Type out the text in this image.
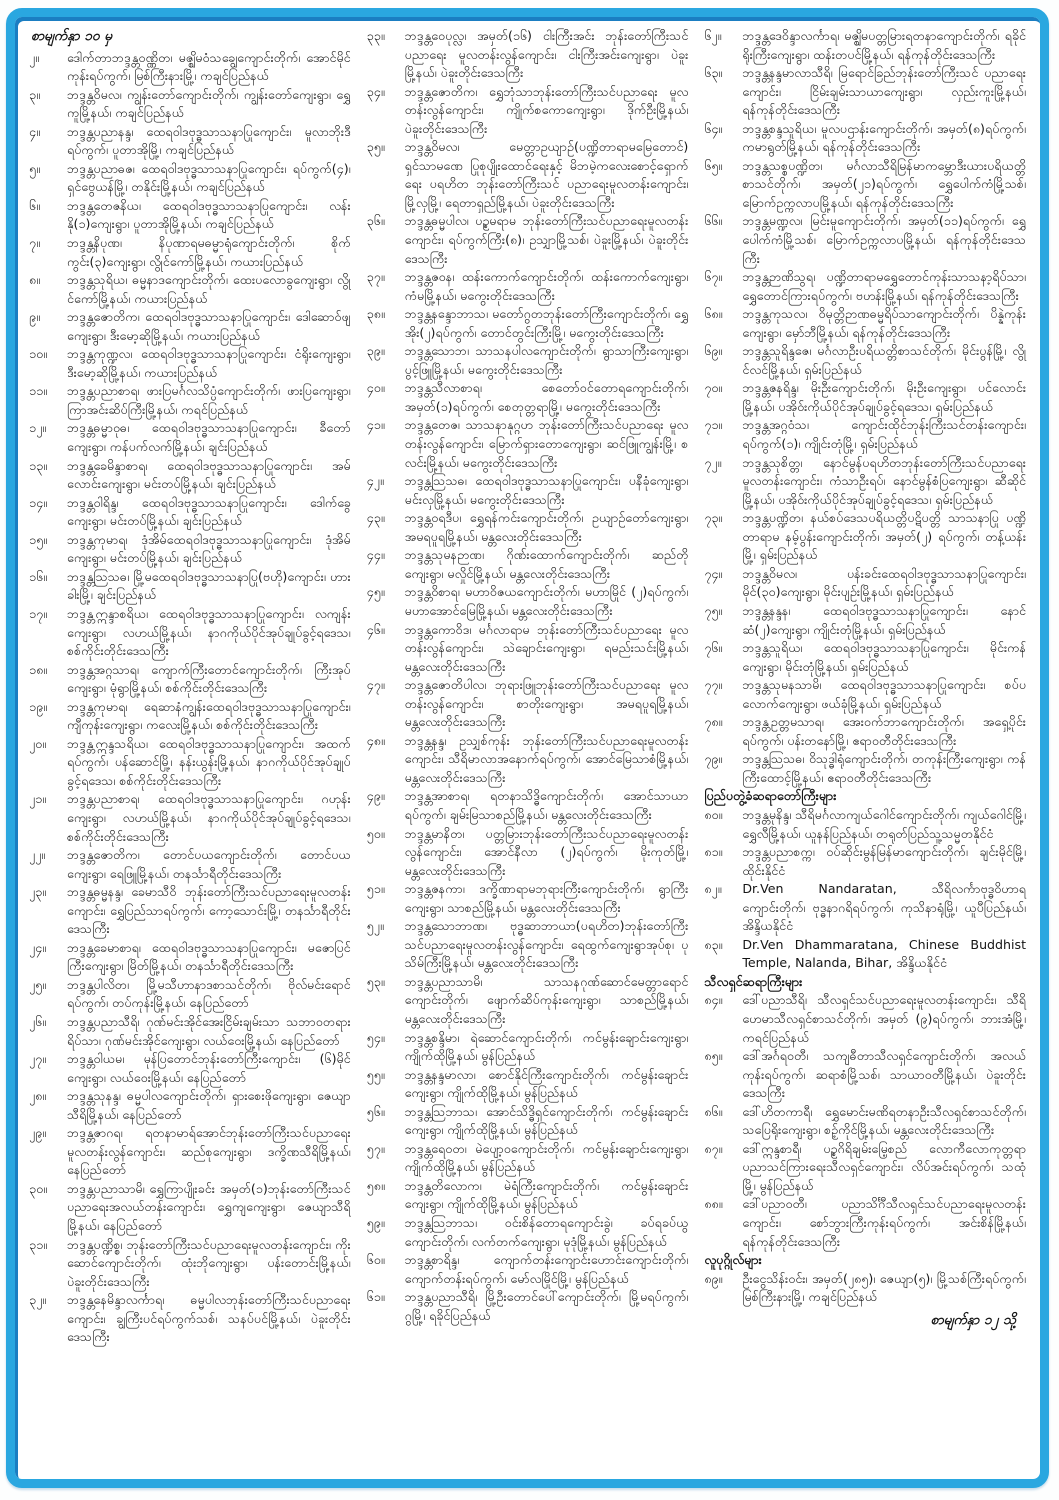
စာမျက်နှာ ၁၀ မှ
၂။	ဒေါက်တာဘဒ္ဒန္တဝဏ္ဏိတ၊ မဇ္ဈိမဝံသချွေကျောင်းတိုက်၊ အောင်မိုင်ကုန်းရပ်ကွက်၊ မြစ်ကြီးနားမြို့၊ ကချင်ပြည်နယ်
၃။	ဘဒ္ဒန္တဝိမလ၊ ကျွန်းတော်ကျောင်းတိုက်၊ ကျွန်းတော်ကျေးရွာ၊ ရွှေကူမြို့နယ်၊ ကချင်ပြည်နယ်
၄။	ဘဒ္ဒန္တပညာနန္ဒ၊ ထေရဝါဒဗုဒ္ဓသာသနာပြုကျောင်း၊ မူလာဘိုးဒီရပ်ကွက်၊ ပူတာအိုမြို့၊ ကချင်ပြည်နယ်
၅။	ဘဒ္ဒန္တပညာဓဇ၊ ထေရဝါဒဗုဒ္ဓသာသနာပြုကျောင်း၊ ရပ်ကွက်(၄)၊ ရှင်ဗွေယန်မြို့၊ တနိုင်းမြို့နယ်၊ ကချင်ပြည်နယ်
၆။	ဘဒ္ဒန္တတေဇနိယ၊ ထေရဝါဒဗုဒ္ဓသာသနာပြုကျောင်း၊ လန်းနို(၁)ကျေးရွာ၊ ပူတာအိုမြို့နယ်၊ ကချင်ပြည်နယ်
၇။	ဘဒ္ဒန္တနိပုဏ၊ နိပုဏာရမဓမ္မာရုံကျောင်းတိုက်၊ စိုက်ကွင်း(၃)ကျေးရွာ၊ လွိုင်ကော်မြို့နယ်၊ ကယားပြည်နယ်
၈။	ဘဒ္ဒန္တသုရိယ၊ ဓမ္မနာဒကျောင်းတိုက်၊ ထေးပလောခွကျေးရွာ၊ လွိုင်ကော်မြို့နယ်၊ ကယားပြည်နယ်
၉။	ဘဒ္ဒန္တဇောတိက၊ ထေရဝါဒဗုဒ္ဓသာသနာပြုကျောင်း၊ ဒေါဆောဝ်ဖျကျေးရွာ၊ ဒီးမော့ဆိုမြို့နယ်၊ ကယားပြည်နယ်
၁၀။	ဘဒ္ဒန္တကုဏ္ဍလ၊ ထေရဝါဒဗုဒ္ဓသာသနာပြုကျောင်း၊ ငံရိုးကျေးရွာ၊ ဒီးမော့ဆိုမြို့နယ်၊ ကယားပြည်နယ်
၁၁။	ဘဒ္ဒန္တပညာစာရ၊ ဖားပြမင်္ဂလသိပ္ပံကျောင်းတိုက်၊ ဖားပြကျေးရွာ၊ ကြာအင်းဆိပ်ကြီးမြို့နယ်၊ ကရင်ပြည်နယ်
၁၂။	ဘဒ္ဒန္တဓမ္မာဝုဓ၊ ထေရဝါဒဗုဒ္ဓသာသနာပြုကျောင်း၊ ခီတော်ကျေးရွာ၊ ကန်ပက်လက်မြို့နယ်၊ ချင်းပြည်နယ်
၁၃။	ဘဒ္ဒန္တခေမိန္ဒာစာရ၊ ထေရဝါဒဗုဒ္ဓသာသနာပြုကျောင်း၊ အမ်လောင်းကျေးရွာ၊ မင်းတပ်မြို့နယ်၊ ချင်းပြည်နယ်
၁၄။	ဘဒ္ဒန္တဝါရိန္ဒ၊ ထေရဝါဒဗုဒ္ဓသာသနာပြုကျောင်း၊ ဒေါက်ခွေကျေးရွာ၊ မင်းတပ်မြို့နယ်၊ ချင်းပြည်နယ်
၁၅။	ဘဒ္ဒန္တကုမာရ၊ ဒုံအိမ်ထေရဝါဒဗုဒ္ဓသာသနာပြုကျောင်း၊ ဒုံအိမ်ကျေးရွာ၊ မင်းတပ်မြို့နယ်၊ ချင်းပြည်နယ်
၁၆။	ဘဒ္ဒန္တဩသဓ၊ မြို့မထေရဝါဒဗုဒ္ဓသာသနာပြု(ဗဟို)ကျောင်း၊ ဟားခါးမြို့၊ ချင်းပြည်နယ်
၁၇။	ဘဒ္ဒန္တဣန္ဒာစရိယ၊ ထေရဝါဒဗုဒ္ဓသာသနာပြုကျောင်း၊ လကျန်းကျေးရွာ၊ လဟယ်မြို့နယ်၊ နာဂကိုယ်ပိုင်အုပ်ချုပ်ခွင့်ရဒေသ၊ စစ်ကိုင်းတိုင်းဒေသကြီး
၁၈။	ဘဒ္ဒန္တအဂ္ဂသာရ၊ ကျောက်ကြီးတောင်ကျောင်းတိုက်၊ ကြီးအုပ်ကျေးရွာ၊ မုံရွာမြို့နယ်၊ စစ်ကိုင်းတိုင်းဒေသကြီး
၁၉။	ဘဒ္ဒန္တကုမာရ၊ ရေဆာနံကျွန်းထေရဝါဒဗုဒ္ဓသာသနာပြုကျောင်း၊ ကျီကုန်းကျေးရွာ၊ ကလေးမြို့နယ်၊ စစ်ကိုင်းတိုင်းဒေသကြီး
၂၀။	ဘဒ္ဒန္တဣန္ဒသရိယ၊ ထေရဝါဒဗုဒ္ဓသာသနာပြုကျောင်း၊ အထက်ရပ်ကွက်၊ ပန်ဆောင်မြို့၊ နန်းယွန်းမြို့နယ်၊ နာဂကိုယ်ပိုင်အုပ်ချုပ်ခွင့်ရဒေသ၊ စစ်ကိုင်းတိုင်းဒေသကြီး
၂၁။	ဘဒ္ဒန္တပညာစာရ၊ ထေရဝါဒဗုဒ္ဓသာသနာပြုကျောင်း၊ ဂဟုန်းကျေးရွာ၊ လဟယ်မြို့နယ်၊ နာဂကိုယ်ပိုင်အုပ်ချုပ်ခွင့်ရဒေသ၊ စစ်ကိုင်းတိုင်းဒေသကြီး
၂၂။	ဘဒ္ဒန္တဇောတိက၊ တောင်ပယကျောင်းတိုက်၊ တောင်ပယကျေးရွာ၊ ရေဖြူမြို့နယ်၊ တနင်္သာရီတိုင်းဒေသကြီး
၂၃။	ဘဒ္ဒန္တဓမ္မနန္ဒ၊ ခေမာသီဝိ ဘုန်းတော်ကြီးသင်ပညာရေးမူလတန်းကျောင်း၊ ရွှေပြည်သာရပ်ကွက်၊ ကော့သောင်းမြို့၊ တနင်္သာရီတိုင်းဒေသကြီး
၂၄။	ဘဒ္ဒန္တခေမာစာရ၊ ထေရဝါဒဗုဒ္ဓသာသနာပြုကျောင်း၊ မဇောပြင်ကြီးကျေးရွာ၊ မြိတ်မြို့နယ်၊ တနင်္သာရီတိုင်းဒေသကြီး
၂၅။	ဘဒ္ဒန္တပါလိတ၊ မြို့မသီဟာနာဒစာသင်တိုက်၊ ဗိုလ်မင်းရောင်ရပ်ကွက်၊ တပ်ကုန်းမြို့နယ်၊ နေပြည်တော်
၂၆။	ဘဒ္ဒန္တပညာသီရိ၊ ဂုဏ်မင်းအိုင်အေးငြိမ်းချမ်းသာ သဘာဝတရားရိပ်သာ၊ ဂုဏ်မင်းအိုင်ကျေးရွာ၊ လယ်ဝေးမြို့နယ်၊ နေပြည်တော်
၂၇။	ဘဒ္ဒန္တဝါယမ၊ မုန်ပြတောင်ဘုန်းတော်ကြီးကျောင်း၊ (၆)မိုင်ကျေးရွာ၊ လယ်ဝေးမြို့နယ်၊ နေပြည်တော်
၂၈။	ဘဒ္ဒန္တသုနန္ဒ၊ ဓမ္မပါလကျောင်းတိုက်၊ ရှားစေးဖိုကျေးရွာ၊ ဇေယျာသီရိမြို့နယ်၊ နေပြည်တော်
၂၉။	ဘဒ္ဒန္တဇာဂရ၊ ရတနာမာရ်အောင်ဘုန်းတော်ကြီးသင်ပညာရေးမူလတန်းလွန်ကျောင်း၊ ဆည်စုကျေးရွာ၊ ဒက္ခိဏသီရိမြို့နယ်၊ နေပြည်တော်
၃၀။	ဘဒ္ဒန္တပညာသာမိ၊ ရွှေကြာပျိုးခင်း အမှတ်(၁)ဘုန်းတော်ကြီးသင်ပညာရေးအလယ်တန်းကျောင်း၊ ရွှေကျကျေးရွာ၊ ဇေယျာသီရိမြို့နယ်၊ နေပြည်တော်
၃၁။	ဘဒ္ဒန္တပဏ္ဍိစ္စ၊ ဘုန်းတော်ကြီးသင်ပညာရေးမူလတန်းကျောင်း၊ ကိုးဆောင်ကျောင်းတိုက်၊ ထုံးဘိုကျေးရွာ၊ ပန်းတောင်းမြို့နယ်၊ ပဲခူးတိုင်းဒေသကြီး
၃၂။	ဘဒ္ဒန္တနေမိန္ဒာလင်္ကာရ၊ ဓမ္မပါလဘုန်းတော်ကြီးသင်ပညာရေးကျောင်း၊ ချွကြီးပင်ရပ်ကွက်သစ်၊ သနပ်ပင်မြို့နယ်၊ ပဲခူးတိုင်းဒေသကြီး
၃၃။	ဘဒ္ဒန္တဝေပုလ္လ၊ အမှတ်(၁၆) ငါးကြီးအင်း ဘုန်းတော်ကြီးသင်ပညာရေး မူလတန်းလွန်ကျောင်း၊ ငါးကြီးအင်းကျေးရွာ၊ ပဲခူးမြို့နယ်၊ ပဲခူးတိုင်းဒေသကြီး
၃၄။	ဘဒ္ဒန္တဇောတိက၊ ရွှေဘုံသာဘုန်းတော်ကြီးသင်ပညာရေး မူလတန်းလွန်ကျောင်း၊ ကျိုက်စကောကျေးရွာ၊ ဒိုက်ဦးမြို့နယ်၊ ပဲခူးတိုင်းဒေသကြီး
၃၅။	ဘဒ္ဒန္တဝိမလ၊ မေတ္တာဥယျာဉ်(ပဏ္ဍိတာရာမမြေတောင်) ရှင်သာမဏေ ပြုစုပျိုးထောင်ရေးနှင့် မိဘမဲ့ကလေးစောင့်ရှောက်ရေး ပရဟိတ ဘုန်းတော်ကြီးသင် ပညာရေးမူလတန်းကျောင်း၊ မြို့လှမြို့၊ ရေတာရှည်မြို့နယ်၊ ပဲခူးတိုင်းဒေသကြီး
၃၆။	ဘဒ္ဒန္တဓမ္မပါလ၊ ပဉ္စမရာမ ဘုန်းတော်ကြီးသင်ပညာရေးမူလတန်းကျောင်း၊ ရပ်ကွက်ကြီး(၈)၊ ဥသျှာမြို့သစ်၊ ပဲခူးမြို့နယ်၊ ပဲခူးတိုင်းဒေသကြီး
၃၇။	ဘဒ္ဒန္တဇဝန၊ ထန်းကောက်ကျောင်းတိုက်၊ ထန်းကောက်ကျေးရွာ၊ ကံမမြို့နယ်၊ မကွေးတိုင်းဒေသကြီး
၃၈။	ဘဒ္ဒန္တနန္ဒောဘာသ၊ မတော်ဂွတဘုန်းတော်ကြီးကျောင်းတိုက်၊ ရွှေအိုး(၂)ရပ်ကွက်၊ တောင်တွင်းကြီးမြို့၊ မကွေးတိုင်းဒေသကြီး
၃၉။	ဘဒ္ဒန္တသောဘ၊ သာသနပါလကျောင်းတိုက်၊ ရွာသာကြီးကျေးရွာ၊ ပွင့်ဖြူမြို့နယ်၊ မကွေးတိုင်းဒေသကြီး
၄၀။	ဘဒ္ဒန္တသီလာစာရ၊ စေတော်ဝင်တောရကျောင်းတိုက်၊ အမှတ်(၁)ရပ်ကွက်၊ စေတုတ္တရာမြို့၊ မကွေးတိုင်းဒေသကြီး
၄၁။	ဘဒ္ဒန္တတေဇ၊ သာသနာနုဂ္ဂဟ ဘုန်းတော်ကြီးသင်ပညာရေး မူလတန်းလွန်ကျောင်း၊ မြောက်ရှားတောကျေးရွာ၊ ဆင်ဖြူကျွန်းမြို့၊ စလင်းမြို့နယ်၊ မကွေးတိုင်းဒေသကြီး
၄၂။	ဘဒ္ဒန္တဩသဓ၊ ထေရဝါဒဗုဒ္ဓသာသနာပြုကျောင်း၊ ပနီခုံကျေးရွာ၊ မင်းလှမြို့နယ်၊ မကွေးတိုင်းဒေသကြီး
၄၃။	ဘဒ္ဒန္တဝရဒီပ၊ ရွှေရန်ကင်းကျောင်းတိုက်၊ ဥယျာဉ်တော်ကျေးရွာ၊ အမရပူရမြို့နယ်၊ မန္တလေးတိုင်းဒေသကြီး
၄၄။	ဘဒ္ဒန္တသုမနဉာဏ၊ ဂိုဏ်းထောက်ကျောင်းတိုက်၊ ဆည်တိုကျေးရွာ၊ မလှိုင်မြို့နယ်၊ မန္တလေးတိုင်းဒေသကြီး
၄၅။	ဘဒ္ဒန္တဝိစာရ၊ မဟာဝိဇယကျောင်းတိုက်၊ မဟာမြိုင် (၂)ရပ်ကွက်၊ မဟာအောင်မြေမြို့နယ်၊ မန္တလေးတိုင်းဒေသကြီး
၄၆။	ဘဒ္ဒန္တကောဝိဒ၊ မင်္ဂလာရာမ ဘုန်းတော်ကြီးသင်ပညာရေး မူလတန်းလွန်ကျောင်း၊ သဲချောင်းကျေးရွာ၊ ရမည်းသင်းမြို့နယ်၊ မန္တလေးတိုင်းဒေသကြီး
၄၇။	ဘဒ္ဒန္တဇောတိပါလ၊ ဘုရားဖြူဘုန်းတော်ကြီးသင်ပညာရေး မူလတန်းလွန်ကျောင်း၊ စာတိုးကျေးရွာ၊ အမရပူရမြို့နယ်၊ မန္တလေးတိုင်းဒေသကြီး
၄၈။	ဘဒ္ဒန္တနန္ဒ၊ ဥသျှစ်ကုန်း ဘုန်းတော်ကြီးသင်ပညာရေးမူလတန်းကျောင်း၊ သီရိမာလာအနောက်ရပ်ကွက်၊ အောင်မြေသာစံမြို့နယ်၊ မန္တလေးတိုင်းဒေသကြီး
၄၉။	ဘဒ္ဒန္တအာစာရ၊ ရတနာသိဒ္ဓိကျောင်းတိုက်၊ အောင်သာယာရပ်ကွက်၊ ချမ်းမြသာစည်မြို့နယ်၊ မန္တလေးတိုင်းဒေသကြီး
၅၀။	ဘဒ္ဒန္တမာနိတ၊ ပတ္တမြားဘုန်းတော်ကြီးသင်ပညာရေးမူလတန်းလွန်ကျောင်း၊ အောင်နီလာ (၂)ရပ်ကွက်၊ မိုးကုတ်မြို့၊ မန္တလေးတိုင်းဒေသကြီး
၅၁။	ဘဒ္ဒန္တဇနကာ၊ ဒက္ခိဏာရာမဘုရားကြီးကျောင်းတိုက်၊ ရွာကြီးကျေးရွာ၊ သာစည်မြို့နယ်၊ မန္တလေးတိုင်းဒေသကြီး
၅၂။	ဘဒ္ဒန္တသောဘာဏ၊ ဗုဒ္ဓဆာဘာယာ(ပရဟိတ)ဘုန်းတော်ကြီးသင်ပညာရေးမူလတန်းလွန်ကျောင်း၊ ရေထွက်ကျေးရွာအုပ်စု၊ ပုသိမ်ကြီးမြို့နယ်၊ မန္တလေးတိုင်းဒေသကြီး
၅၃။	ဘဒ္ဒန္တပညာသာမိ၊ သာသနဂုဏ်ဆောင်မေတ္တာရောင်ကျောင်းတိုက်၊ ဖျောက်ဆိပ်ကုန်းကျေးရွာ၊ သာစည်မြို့နယ်၊ မန္တလေးတိုင်းဒေသကြီး
၅၄။	ဘဒ္ဒန္တစန္ဒိမာ၊ ရဲဆောင်ကျောင်းတိုက်၊ ကင်မွန်းချောင်းကျေးရွာ၊ ကျိုက်ထိုမြို့နယ်၊ မွန်ပြည်နယ်
၅၅။	ဘဒ္ဒန္တနန္ဒမာလာ၊ စောင်နိုင်ကြီးကျောင်းတိုက်၊ ကင်မွန်းချောင်းကျေးရွာ၊ ကျိုက်ထိုမြို့နယ်၊ မွန်ပြည်နယ်
၅၆။	ဘဒ္ဒန္တဩဘာသ၊ အောင်သိဒ္ဓိရှင်ကျောင်းတိုက်၊ ကင်မွန်းချောင်းကျေးရွာ၊ ကျိုက်ထိုမြို့နယ်၊ မွန်ပြည်နယ်
၅၇။	ဘဒ္ဒန္တရေဝတ၊ မဲပျော့ဝကျောင်းတိုက်၊ ကင်မွန်းချောင်းကျေးရွာ၊ ကျိုက်ထိုမြို့နယ်၊ မွန်ပြည်နယ်
၅၈။	ဘဒ္ဒန္တတိလောက၊ မဲရံကြီးကျောင်းတိုက်၊ ကင်မွန်းချောင်းကျေးရွာ၊ ကျိုက်ထိုမြို့နယ်၊ မွန်ပြည်နယ်
၅၉။	ဘဒ္ဒန္တဩဘာသ၊ ဝင်းစိန်တောရကျောင်းခွဲ၊ ခပ်ရခပ်ယွကျောင်းတိုက်၊ လက်တက်ကျေးရွာ၊ မုဒုံမြို့နယ်၊ မွန်ပြည်နယ်
၆၀။	ဘဒ္ဒန္တစာရိန္ဒ၊ ကျောက်တန်းကျောင်းဟောင်းကျောင်းတိုက်၊ ကျောက်တန်းရပ်ကွက်၊ မော်လမြိုင်မြို့၊ မွန်ပြည်နယ်
၆၁။	ဘဒ္ဒန္တပညာသီရိ၊ မြို့ဦးတောင်ပေါ်ကျောင်းတိုက်၊ မြို့မရပ်ကွက်၊ ဂွမြို့၊ ရခိုင်ပြည်နယ်
၆၂။	ဘဒ္ဒန္တဒေဝိန္ဒာလင်္ကာရ၊ မဇ္ဈိမပတ္တမြားရတနာကျောင်းတိုက်၊ ရခိုင်ရိုးကြီးကျေးရွာ၊ ထန်းတပင်မြို့နယ်၊ ရန်ကုန်တိုင်းဒေသကြီး
၆၃။	ဘဒ္ဒန္တနန္ဒမာလာသီရိ၊ မြရောင်ခြည်ဘုန်းတော်ကြီးသင် ပညာရေးကျောင်း၊ ငြိမ်းချမ်းသာယာကျေးရွာ၊ လှည်းကူးမြို့နယ်၊ ရန်ကုန်တိုင်းဒေသကြီး
၆၄။	ဘဒ္ဒန္တစန္ဒသူရိယ၊ မူလပဌာန်းကျောင်းတိုက်၊ အမှတ်(၈)ရပ်ကွက်၊ ကမာရွတ်မြို့နယ်၊ ရန်ကုန်တိုင်းဒေသကြီး
၆၅။	ဘဒ္ဒန္တသစ္စပဏ္ဍိတ၊ မင်္ဂလာသီရိမြန်မာကမ္ဘောဒီးယားပရိယတ္တိစာသင်တိုက်၊ အမှတ်(၂၁)ရပ်ကွက်၊ ရွှေပေါက်ကံမြို့သစ်၊ မြောက်ဥက္ကလာပမြို့နယ်၊ ရန်ကုန်တိုင်းဒေသကြီး
၆၆။	ဘဒ္ဒန္တမဏ္ဍလ၊ မြင်းမူကျောင်းတိုက်၊ အမှတ်(၁၁)ရပ်ကွက်၊ ရွှေပေါက်ကံမြို့သစ်၊ မြောက်ဥက္ကလာပမြို့နယ်၊ ရန်ကုန်တိုင်းဒေသကြီး
၆၇။	ဘဒ္ဒန္တဉာဏိသွရ၊ ပဏ္ဍိတာရာမရွှေတောင်ကုန်းသာသနာ့ရိပ်သာ၊ ရွှေတောင်ကြားရပ်ကွက်၊ ဗဟန်းမြို့နယ်၊ ရန်ကုန်တိုင်းဒေသကြီး
၆၈။	ဘဒ္ဒန္တကုသလ၊ ဝိမုတ္တိဉာဏဓမ္မရိပ်သာကျောင်းတိုက်၊ ပိန္နဲကုန်းကျေးရွာ၊ မှော်ဘီမြို့နယ်၊ ရန်ကုန်တိုင်းဒေသကြီး
၆၉။	ဘဒ္ဒန္တသူရိန္ဒဇေ၊ မင်္ဂလာဦးပရိယတ္တိစာသင်တိုက်၊ မိုင်းပွန်မြို့၊ လွိုင်လင်မြို့နယ်၊ ရှမ်းပြည်နယ်
၇၀။	ဘဒ္ဒန္တဇနရိန္ဒ၊ မိုးဦးကျောင်းတိုက်၊ မိုးဦးကျေးရွာ၊ ပင်လောင်းမြို့နယ်၊ ပအိုဝ်းကိုယ်ပိုင်အုပ်ချုပ်ခွင့်ရဒေသ၊ ရှမ်းပြည်နယ်
၇၁။	ဘဒ္ဒန္တအဂ္ဂဝံသ၊ ကျောင်းထိုင်ဘုန်းကြီးသင်တန်းကျောင်း၊ ရပ်ကွက်(၁)၊ ကျိုင်းတုံမြို့၊ ရှမ်းပြည်နယ်
၇၂။	ဘဒ္ဒန္တသုစိတ္တ၊ နောင်မွန်ပရဟိတဘုန်းတော်ကြီးသင်ပညာရေး မူလတန်းကျောင်း၊ ကံသာဦးရပ်၊ နောင်မွန်စံပြကျေးရွာ၊ ဆီဆိုင်မြို့နယ်၊ ပအိုဝ်းကိုယ်ပိုင်အုပ်ချုပ်ခွင့်ရဒေသ၊ ရှမ်းပြည်နယ်
၇၃။	ဘဒ္ဒန္တပဏ္ဍိတ၊ နယ်စပ်ဒေသပရိယတ္တိပဋိပတ္တိ သာသနာပြု ပဏ္ဍိတာရာမ နမ့်ပွန်းကျောင်းတိုက်၊ အမှတ်(၂) ရပ်ကွက်၊ တန့်ယန်းမြို့၊ ရှမ်းပြည်နယ်
၇၄။	ဘဒ္ဒန္တဝိမလ၊ ပန်းခင်းထေရဝါဒဗုဒ္ဓသာသနာပြုကျောင်း၊ မိုင်(၃၀)ကျေးရွာ၊ မိုင်းပျဉ်းမြို့နယ်၊ ရှမ်းပြည်နယ်
၇၅။	ဘဒ္ဒန္တနန္ဒန၊ ထေရဝါဒဗုဒ္ဓသာသနာပြုကျောင်း၊ နောင်ဆံ(၂)ကျေးရွာ၊ ကျိုင်းတုံမြို့နယ်၊ ရှမ်းပြည်နယ်
၇၆။	ဘဒ္ဒန္တသူရိယ၊ ထေရဝါဒဗုဒ္ဓသာသနာပြုကျောင်း၊ မိုင်းကန်ကျေးရွာ၊ မိုင်းတုံမြို့နယ်၊ ရှမ်းပြည်နယ်
၇၇။	ဘဒ္ဒန္တသုမနသာမိ၊ ထေရဝါဒဗုဒ္ဓသာသနာပြုကျောင်း၊ စပ်ပလောက်ကျေးရွာ၊ ဖယ်ခုံမြို့နယ်၊ ရှမ်းပြည်နယ်
၇၈။	ဘဒ္ဒန္တဥတ္တမသာရ၊ အေးဝက်ဘာကျောင်းတိုက်၊ အရှေ့ပိုင်းရပ်ကွက်၊ ပန်းတနော်မြို့၊ ဧရာဝတီတိုင်းဒေသကြီး
၇၉။	ဘဒ္ဒန္တဩသဓ၊ ဝိသုဒ္ဓါရုံကျောင်းတိုက်၊ တကုန်းကြီးကျေးရွာ၊ ကန်ကြီးထောင့်မြို့နယ်၊ ဧရာဝတီတိုင်းဒေသကြီး
ပြည်ပတွဲ့ခံဆရာတော်ကြီးများ
၈၀။	ဘဒ္ဒန္တမုနိန္ဒ၊ သီရိမင်္ဂလာကျယ်ဂေါင်ကျောင်းတိုက်၊ ကျယ်ဂေါင်မြို့၊ ရွှေလီမြို့နယ်၊ ယူနန်ပြည်နယ်၊ တရုတ်ပြည်သူ့သမ္မတနိုင်ငံ
၈၁။	ဘဒ္ဒန္တပညာစက္က၊ ဝပ်ဆိုင်းမွန်မြန်မာကျောင်းတိုက်၊ ချင်းမိုင်မြို့၊ ထိုင်းနိုင်ငံ
၈၂။	Dr.Ven Nandaratan, သီရိလင်္ကာဗုဒ္ဓဝိဟာရကျောင်းတိုက်၊ ဗုဒ္ဓနာဂရိရပ်ကွက်၊ ကုသိနာရုံမြို့၊ ယူပီပြည်နယ်၊ အိန္ဒိယနိုင်ငံ
၈၃။	Dr.Ven Dhammaratana, Chinese Buddhist Temple, Nalanda, Bihar, အိန္ဒိယနိုင်ငံ
သီလရှင်ဆရာကြီးများ
၈၄။	ဒေါ်ပညာသီရိ၊ သီလရှင်သင်ပညာရေးမူလတန်းကျောင်း၊ သီရိဟေမာသီလရှင်စာသင်တိုက်၊ အမှတ် (၉)ရပ်ကွက်၊ ဘားအံမြို့၊ ကရင်ပြည်နယ်
၈၅။	ဒေါ်အင်္ဂရဝတီ၊ သကျဓီတာသီလရှင်ကျောင်းတိုက်၊ အလယ်ကုန်းရပ်ကွက်၊ ဆရာစံမြို့သစ်၊ သာယာဝတီမြို့နယ်၊ ပဲခူးတိုင်းဒေသကြီး
၈၆။	ဒေါ်ဟိတကာရီ၊ ရွှေမောင်းမဏိရတနာဦးသီလရှင်စာသင်တိုက်၊ သပြေရိုးကျေးရွာ၊ စဉ့်ကိုင်မြို့နယ်၊ မန္တလေးတိုင်းဒေသကြီး
၈၇။	ဒေါ်ဣန္ဒစာရီ၊ ပဉ္စဂိရိချမ်းမြေ့စည် လောကီလောကုတ္တရာ ပညာသင်ကြားရေးသီလရှင်ကျောင်း၊ လိပ်အင်းရပ်ကွက်၊ သထုံမြို့၊ မွန်ပြည်နယ်
၈၈။	ဒေါ်ပညာဝတီ၊ ပညာသိင်္ဂီသီလရှင်သင်ပညာရေးမူလတန်းကျောင်း၊ စော်ဘွားကြီးကုန်းရပ်ကွက်၊ အင်းစိန်မြို့နယ်၊ ရန်ကုန်တိုင်းဒေသကြီး
လူပုဂ္ဂိုလ်များ
၈၉။	ဦးငွေသိန်းဝင်း၊ အမှတ်(၂၈၅)၊ ဇေယျာ(၅)၊ မြို့သစ်ကြီးရပ်ကွက်၊ မြစ်ကြီးနားမြို့၊ ကချင်ပြည်နယ်
စာမျက်နှာ ၁၂ သို့
